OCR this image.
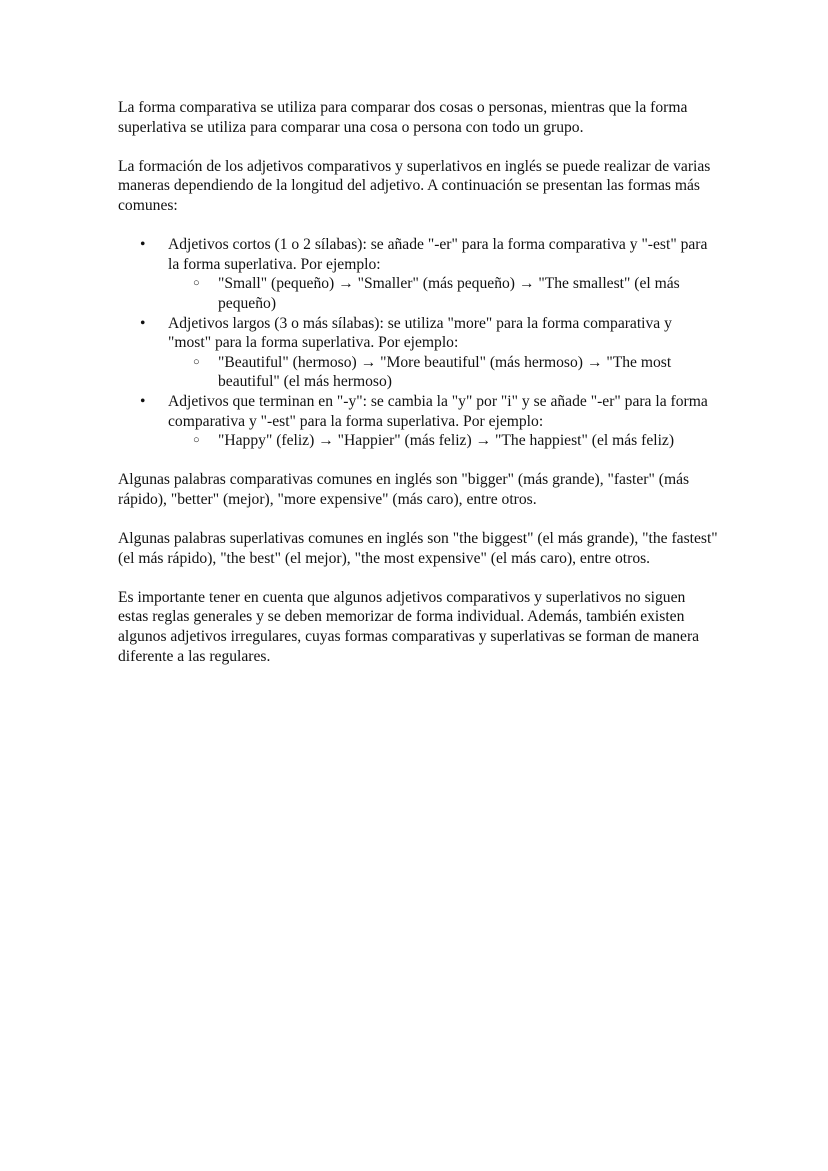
La forma comparativa se utiliza para comparar dos cosas o personas, mientras que la forma superlativa se utiliza para comparar una cosa o persona con todo un grupo.

La formación de los adjetivos comparativos y superlativos en inglés se puede realizar de varias maneras dependiendo de la longitud del adjetivo. A continuación se presentan las formas más comunes:

• Adjetivos cortos (1 o 2 sílabas): se añade "-er" para la forma comparativa y "-est" para la forma superlativa. Por ejemplo:
○ "Small" (pequeño) → "Smaller" (más pequeño) → "The smallest" (el más pequeño)
• Adjetivos largos (3 o más sílabas): se utiliza "more" para la forma comparativa y "most" para la forma superlativa. Por ejemplo:
○ "Beautiful" (hermoso) → "More beautiful" (más hermoso) → "The most beautiful" (el más hermoso)
• Adjetivos que terminan en "-y": se cambia la "y" por "i" y se añade "-er" para la forma comparativa y "-est" para la forma superlativa. Por ejemplo:
○ "Happy" (feliz) → "Happier" (más feliz) → "The happiest" (el más feliz)

Algunas palabras comparativas comunes en inglés son "bigger" (más grande), "faster" (más rápido), "better" (mejor), "more expensive" (más caro), entre otros.

Algunas palabras superlativas comunes en inglés son "the biggest" (el más grande), "the fastest" (el más rápido), "the best" (el mejor), "the most expensive" (el más caro), entre otros.

Es importante tener en cuenta que algunos adjetivos comparativos y superlativos no siguen estas reglas generales y se deben memorizar de forma individual. Además, también existen algunos adjetivos irregulares, cuyas formas comparativas y superlativas se forman de manera diferente a las regulares.
